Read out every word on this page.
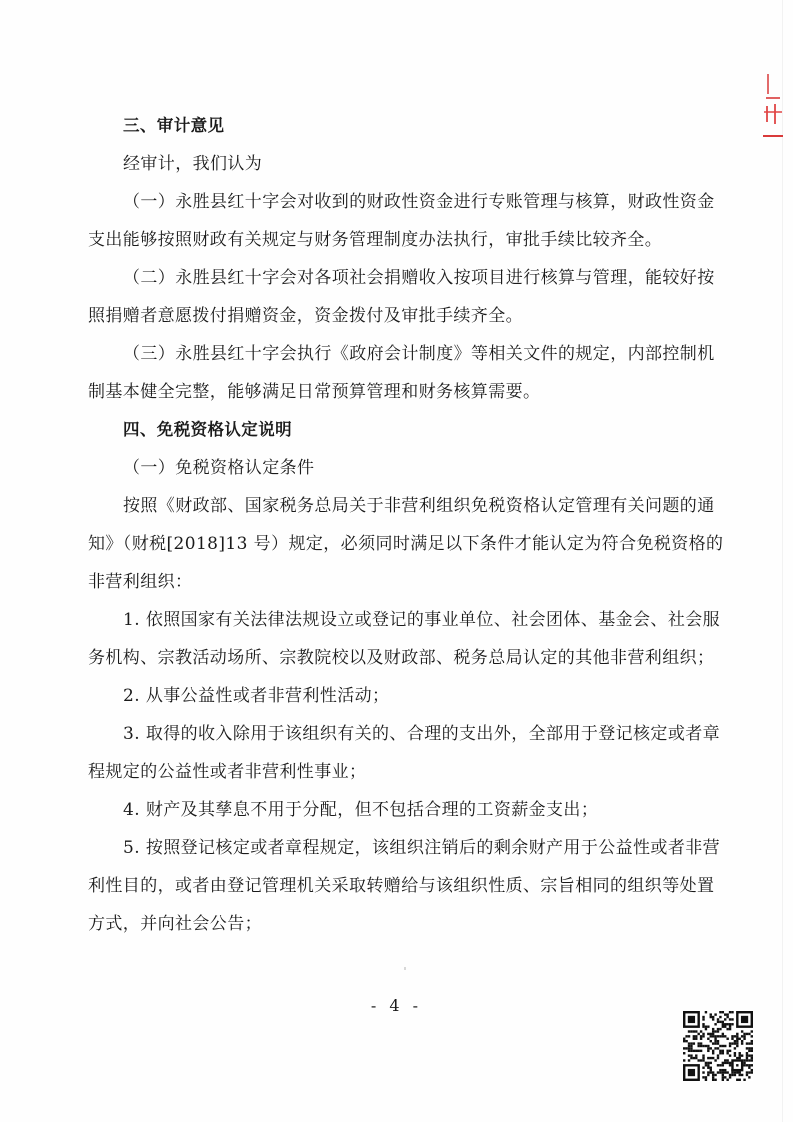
三、审计意见
经审计，我们认为
（一）永胜县红十字会对收到的财政性资金进行专账管理与核算，财政性资金
支出能够按照财政有关规定与财务管理制度办法执行，审批手续比较齐全。
（二）永胜县红十字会对各项社会捐赠收入按项目进行核算与管理，能较好按
照捐赠者意愿拨付捐赠资金，资金拨付及审批手续齐全。
（三）永胜县红十字会执行《政府会计制度》等相关文件的规定，内部控制机
制基本健全完整，能够满足日常预算管理和财务核算需要。
四、免税资格认定说明
（一）免税资格认定条件
按照《财政部、国家税务总局关于非营利组织免税资格认定管理有关问题的通
知》（财税[2018]13 号）规定，必须同时满足以下条件才能认定为符合免税资格的
非营利组织：
1. 依照国家有关法律法规设立或登记的事业单位、社会团体、基金会、社会服
务机构、宗教活动场所、宗教院校以及财政部、税务总局认定的其他非营利组织；
2. 从事公益性或者非营利性活动；
3. 取得的收入除用于该组织有关的、合理的支出外，全部用于登记核定或者章
程规定的公益性或者非营利性事业；
4. 财产及其孳息不用于分配，但不包括合理的工资薪金支出；
5. 按照登记核定或者章程规定，该组织注销后的剩余财产用于公益性或者非营
利性目的，或者由登记管理机关采取转赠给与该组织性质、宗旨相同的组织等处置
方式，并向社会公告；
- 4 -
